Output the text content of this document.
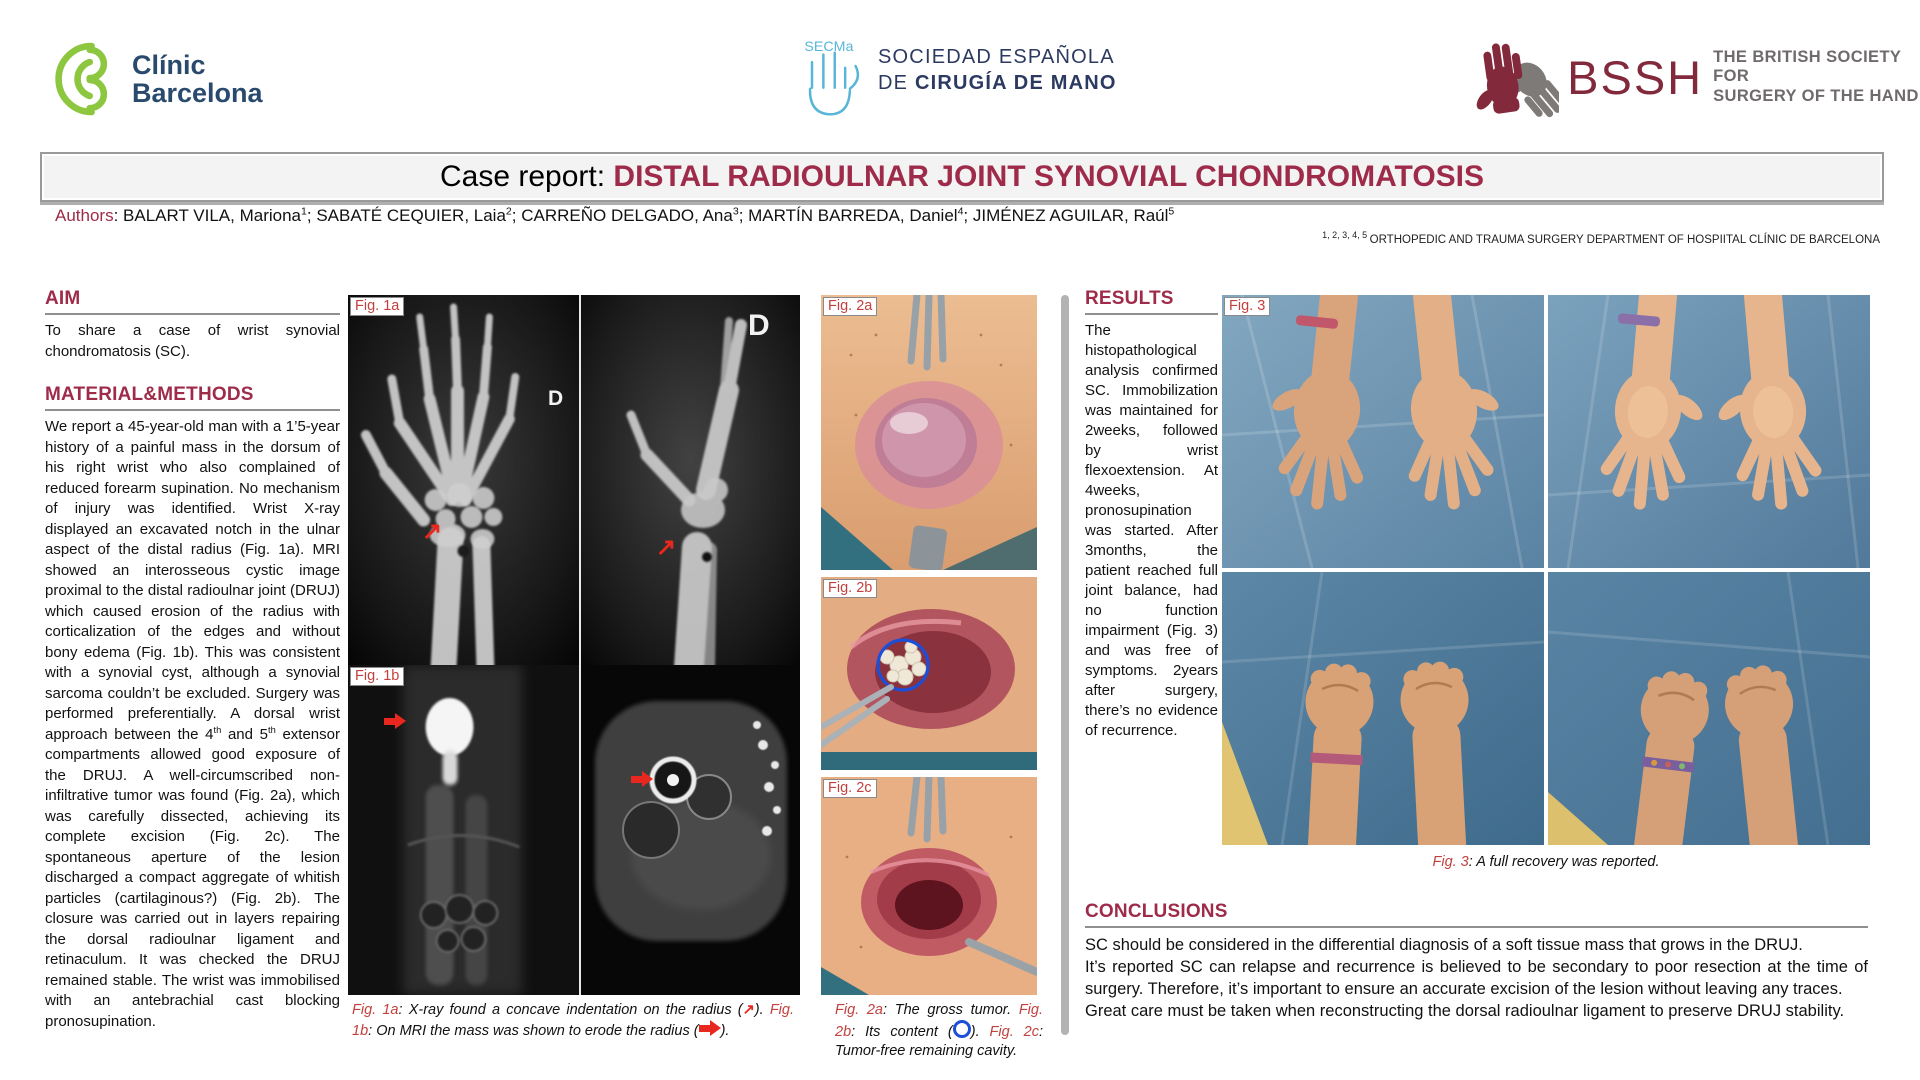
Clínic
Barcelona
SECMa SOCIEDAD ESPAÑOLA
DE CIRUGÍA DE MANO	BSSH THE BRITISH SOCIETY FOR
SURGERY OF THE HAND
Case report: DISTAL RADIOULNAR JOINT SYNOVIAL CHONDROMATOSIS
Authors: BALART VILA, Mariona$^1$; SABATÉ CEQUIER, Laia$^2$; CARREÑO DELGADO, Ana$^3$; MARTÍN BARREDA, Daniel$^4$; JIMÉNEZ AGUILAR, Raúl$^5$
$^{1, 2, 3, 4, 5}$ ORTHOPEDIC AND TRAUMA SURGERY DEPARTMENT OF HOSPIITAL CLÍNIC DE BARCELONA
AIM
To share a case of wrist synovial chondromatosis (SC).
MATERIAL&METHODS
We report a 45-year-old man with a 1’5-year history of a painful mass in the dorsum of his right wrist who also complained of reduced forearm supination. No mechanism of injury was identified. Wrist X-ray displayed an excavated notch in the ulnar aspect of the distal radius (Fig. 1a). MRI showed an interosseous cystic image proximal to the distal radioulnar joint (DRUJ) which caused erosion of the radius with corticalization of the edges and without bony edema (Fig. 1b). This was consistent with a synovial cyst, although a synovial sarcoma couldn’t be excluded. Surgery was performed preferentially. A dorsal wrist approach between the 4th and 5th extensor compartments allowed good exposure of the DRUJ. A well-circumscribed non-infiltrative tumor was found (Fig. 2a), which was carefully dissected, achieving its complete excision (Fig. 2c). The spontaneous aperture of the lesion discharged a compact aggregate of whitish particles (cartilaginous?) (Fig. 2b). The closure was carried out in layers repairing the dorsal radioulnar ligament and retinaculum. It was checked the DRUJ remained stable. The wrist was immobilised with an antebrachial cast blocking pronosupination.
Fig. 1a
D
D
↗
↗
Fig. 1b
Fig. 2a
Fig. 2b
Fig. 2c
RESULTS
The histopathological analysis confirmed SC. Immobilization was maintained for 2weeks, followed by wrist flexoextension. At 4weeks, pronosupination was started. After 3months, the patient reached full joint balance, had no function impairment (Fig. 3) and was free of symptoms. 2years after surgery, there’s no evidence of recurrence.
Fig. 3
Fig. 1a: X-ray found a concave indentation on the radius (↗). Fig. 1b: On MRI the mass was shown to erode the radius ( ).
Fig. 2a: The gross tumor. Fig. 2b: Its content ( ). Fig. 2c: Tumor-free remaining cavity.
Fig. 3: A full recovery was reported.
CONCLUSIONS

SC should be considered in the differential diagnosis of a soft tissue mass that grows in the DRUJ.

It’s reported SC can relapse and recurrence is believed to be secondary to poor resection at the time of surgery. Therefore, it’s important to ensure an accurate excision of the lesion without leaving any traces.

Great care must be taken when reconstructing the dorsal radioulnar ligament to preserve DRUJ stability.
